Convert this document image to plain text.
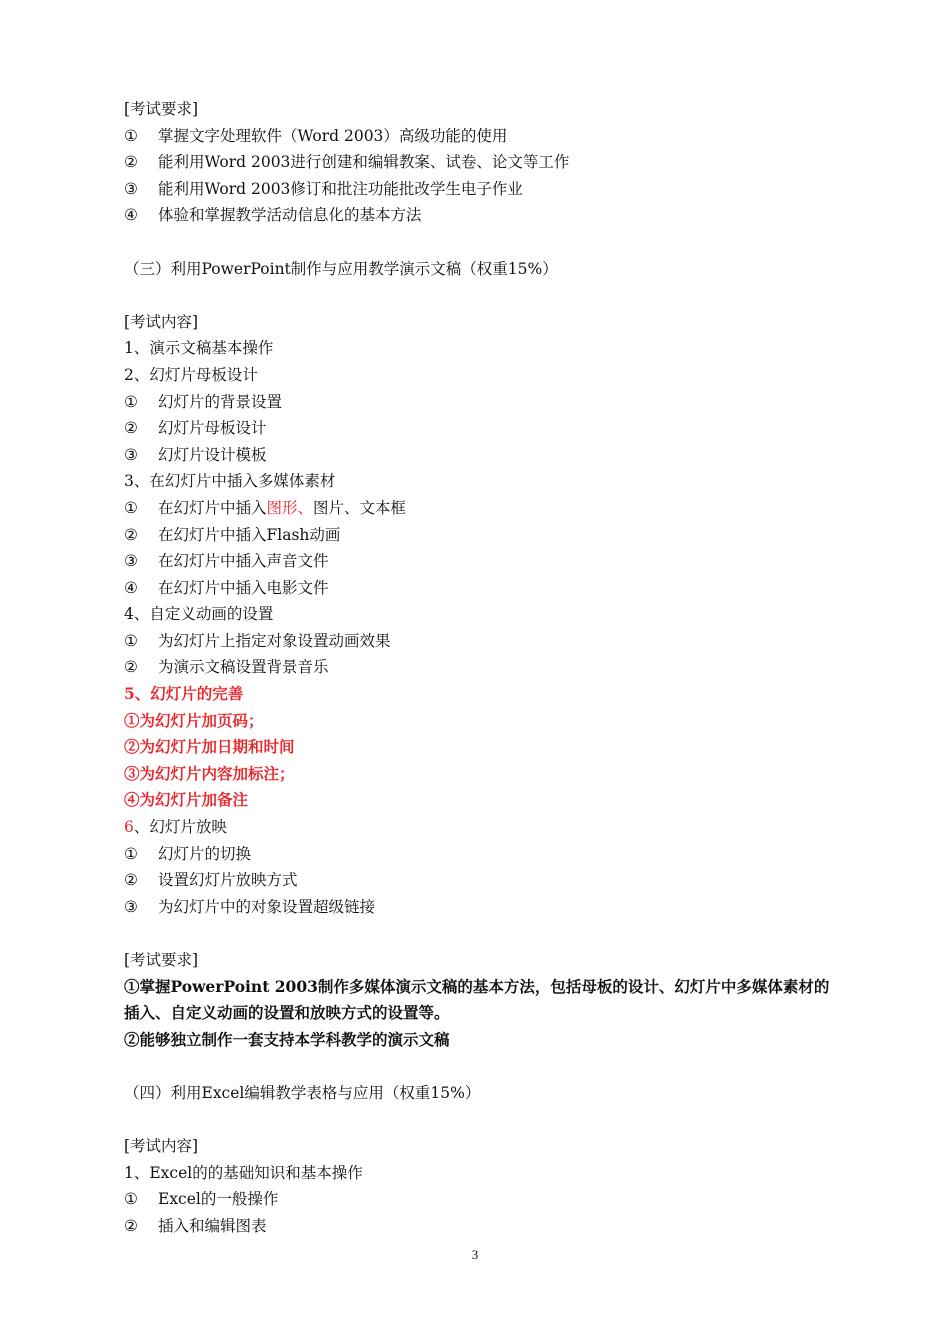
[考试要求]
① 掌握文字处理软件（Word 2003）高级功能的使用
② 能利用Word 2003进行创建和编辑教案、试卷、论文等工作
③ 能利用Word 2003修订和批注功能批改学生电子作业
④ 体验和掌握教学活动信息化的基本方法
（三）利用PowerPoint制作与应用教学演示文稿（权重15%）
[考试内容]
1、演示文稿基本操作
2、幻灯片母板设计
① 幻灯片的背景设置
② 幻灯片母板设计
③ 幻灯片设计模板
3、在幻灯片中插入多媒体素材
① 在幻灯片中插入图形、图片、文本框
② 在幻灯片中插入Flash动画
③ 在幻灯片中插入声音文件
④ 在幻灯片中插入电影文件
4、自定义动画的设置
① 为幻灯片上指定对象设置动画效果
② 为演示文稿设置背景音乐
5、幻灯片的完善
①为幻灯片加页码；
②为幻灯片加日期和时间
③为幻灯片内容加标注；
④为幻灯片加备注
6、幻灯片放映
① 幻灯片的切换
② 设置幻灯片放映方式
③ 为幻灯片中的对象设置超级链接
[考试要求]
①掌握PowerPoint 2003制作多媒体演示文稿的基本方法，包括母板的设计、幻灯片中多媒体素材的
插入、自定义动画的设置和放映方式的设置等。
②能够独立制作一套支持本学科教学的演示文稿
（四）利用Excel编辑教学表格与应用（权重15%）
[考试内容]
1、Excel的的基础知识和基本操作
① Excel的一般操作
② 插入和编辑图表
3
